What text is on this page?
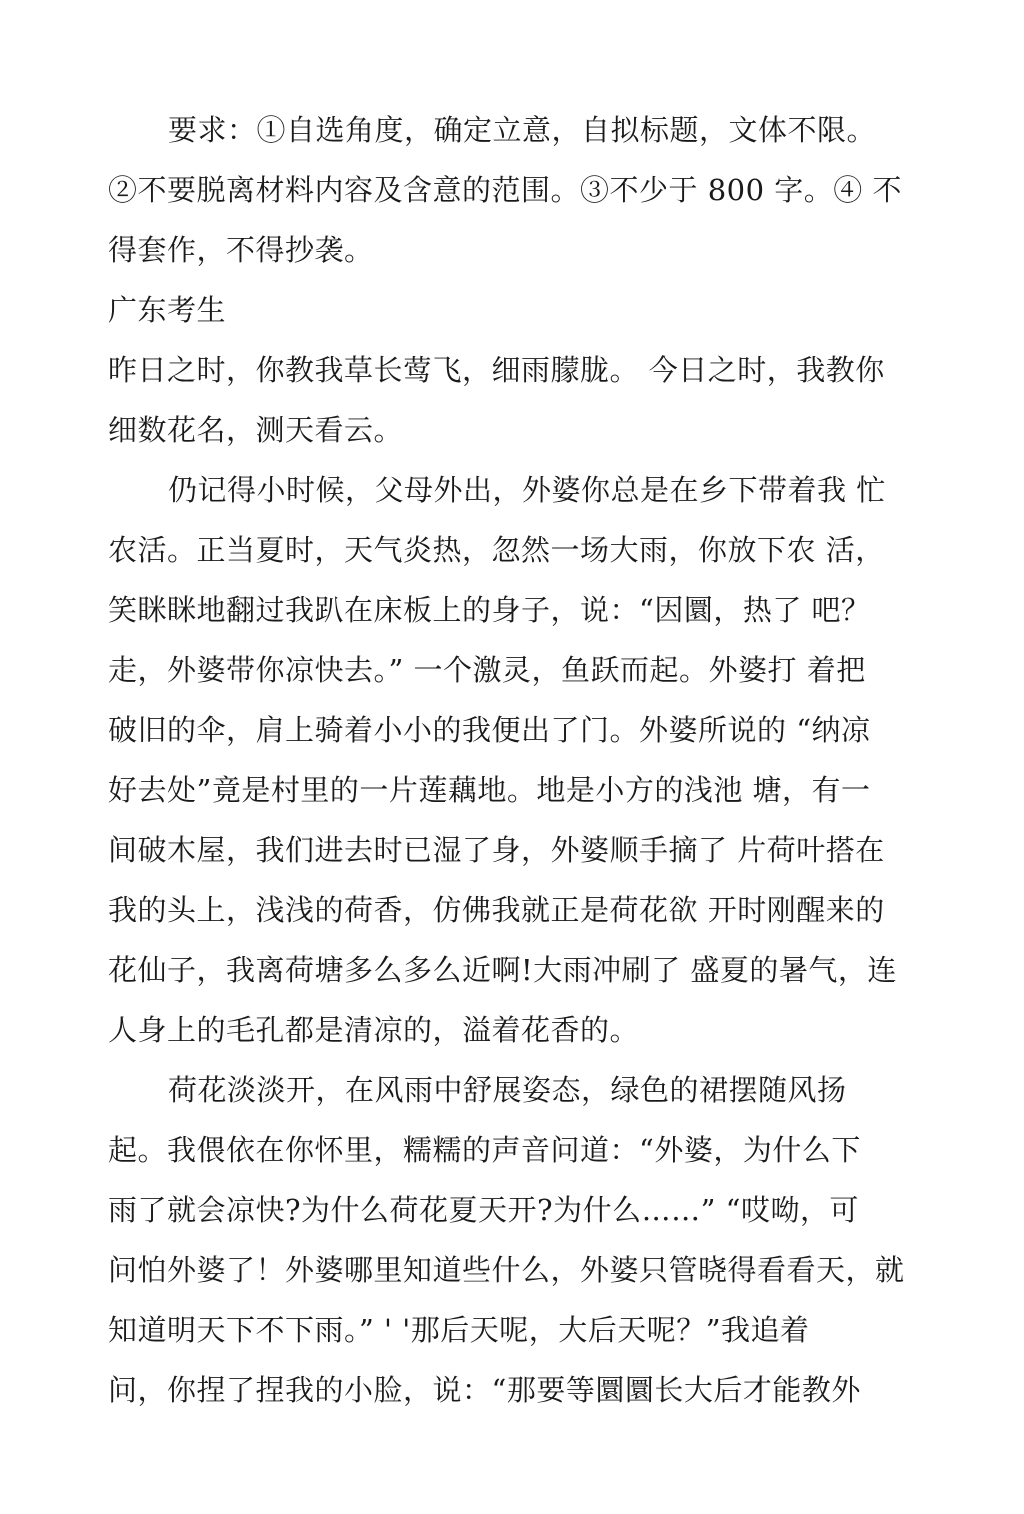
要求：①自选角度，确定立意，自拟标题，文体不限。
②不要脱离材料内容及含意的范围。③不少于 800 字。④ 不
得套作，不得抄袭。
广东考生
昨日之时，你教我草长莺飞，细雨朦胧。 今日之时，我教你
细数花名，测天看云。
仍记得小时候，父母外出，外婆你总是在乡下带着我 忙
农活。正当夏时，天气炎热，忽然一场大雨，你放下农 活，
笑眯眯地翻过我趴在床板上的身子，说：“因圜，热了 吧？
走，外婆带你凉快去。” 一个激灵，鱼跃而起。外婆打 着把
破旧的伞，肩上骑着小小的我便出了门。外婆所说的 “纳凉
好去处”竟是村里的一片莲藕地。地是小方的浅池 塘，有一
间破木屋，我们进去时已湿了身，外婆顺手摘了 片荷叶搭在
我的头上，浅浅的荷香，仿佛我就正是荷花欲 开时刚醒来的
花仙子，我离荷塘多么多么近啊!大雨冲刷了 盛夏的暑气，连
人身上的毛孔都是清凉的，溢着花香的。
荷花淡淡开，在风雨中舒展姿态，绿色的裙摆随风扬
起。我偎依在你怀里，糯糯的声音问道：“外婆，为什么下
雨了就会凉快?为什么荷花夏天开?为什么……” “哎呦，可
问怕外婆了！外婆哪里知道些什么，外婆只管晓得看看天，就
知道明天下不下雨。” ' '那后天呢，大后天呢？”我追着
问，你捏了捏我的小脸，说：“那要等圜圜长大后才能教外
